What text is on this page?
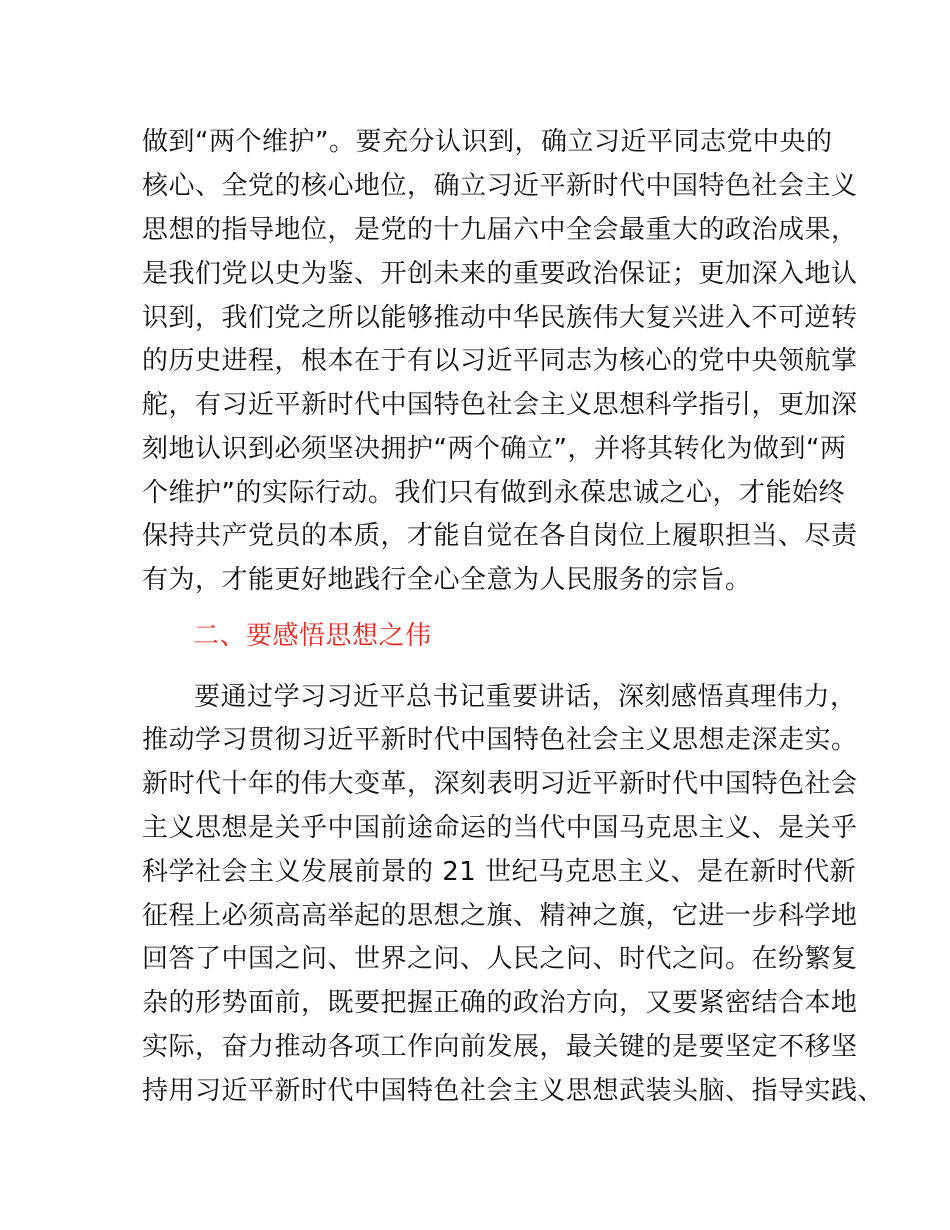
做到“两个维护”。要充分认识到，确立习近平同志党中央的
核心、全党的核心地位，确立习近平新时代中国特色社会主义
思想的指导地位，是党的十九届六中全会最重大的政治成果，
是我们党以史为鉴、开创未来的重要政治保证；更加深入地认
识到，我们党之所以能够推动中华民族伟大复兴进入不可逆转
的历史进程，根本在于有以习近平同志为核心的党中央领航掌
舵，有习近平新时代中国特色社会主义思想科学指引，更加深
刻地认识到必须坚决拥护“两个确立”，并将其转化为做到“两
个维护”的实际行动。我们只有做到永葆忠诚之心，才能始终
保持共产党员的本质，才能自觉在各自岗位上履职担当、尽责
有为，才能更好地践行全心全意为人民服务的宗旨。
二、要感悟思想之伟
要通过学习习近平总书记重要讲话，深刻感悟真理伟力，
推动学习贯彻习近平新时代中国特色社会主义思想走深走实。
新时代十年的伟大变革，深刻表明习近平新时代中国特色社会
主义思想是关乎中国前途命运的当代中国马克思主义、是关乎
科学社会主义发展前景的 21 世纪马克思主义、是在新时代新
征程上必须高高举起的思想之旗、精神之旗，它进一步科学地
回答了中国之问、世界之问、人民之问、时代之问。在纷繁复
杂的形势面前，既要把握正确的政治方向，又要紧密结合本地
实际，奋力推动各项工作向前发展，最关键的是要坚定不移坚
持用习近平新时代中国特色社会主义思想武装头脑、指导实践、
